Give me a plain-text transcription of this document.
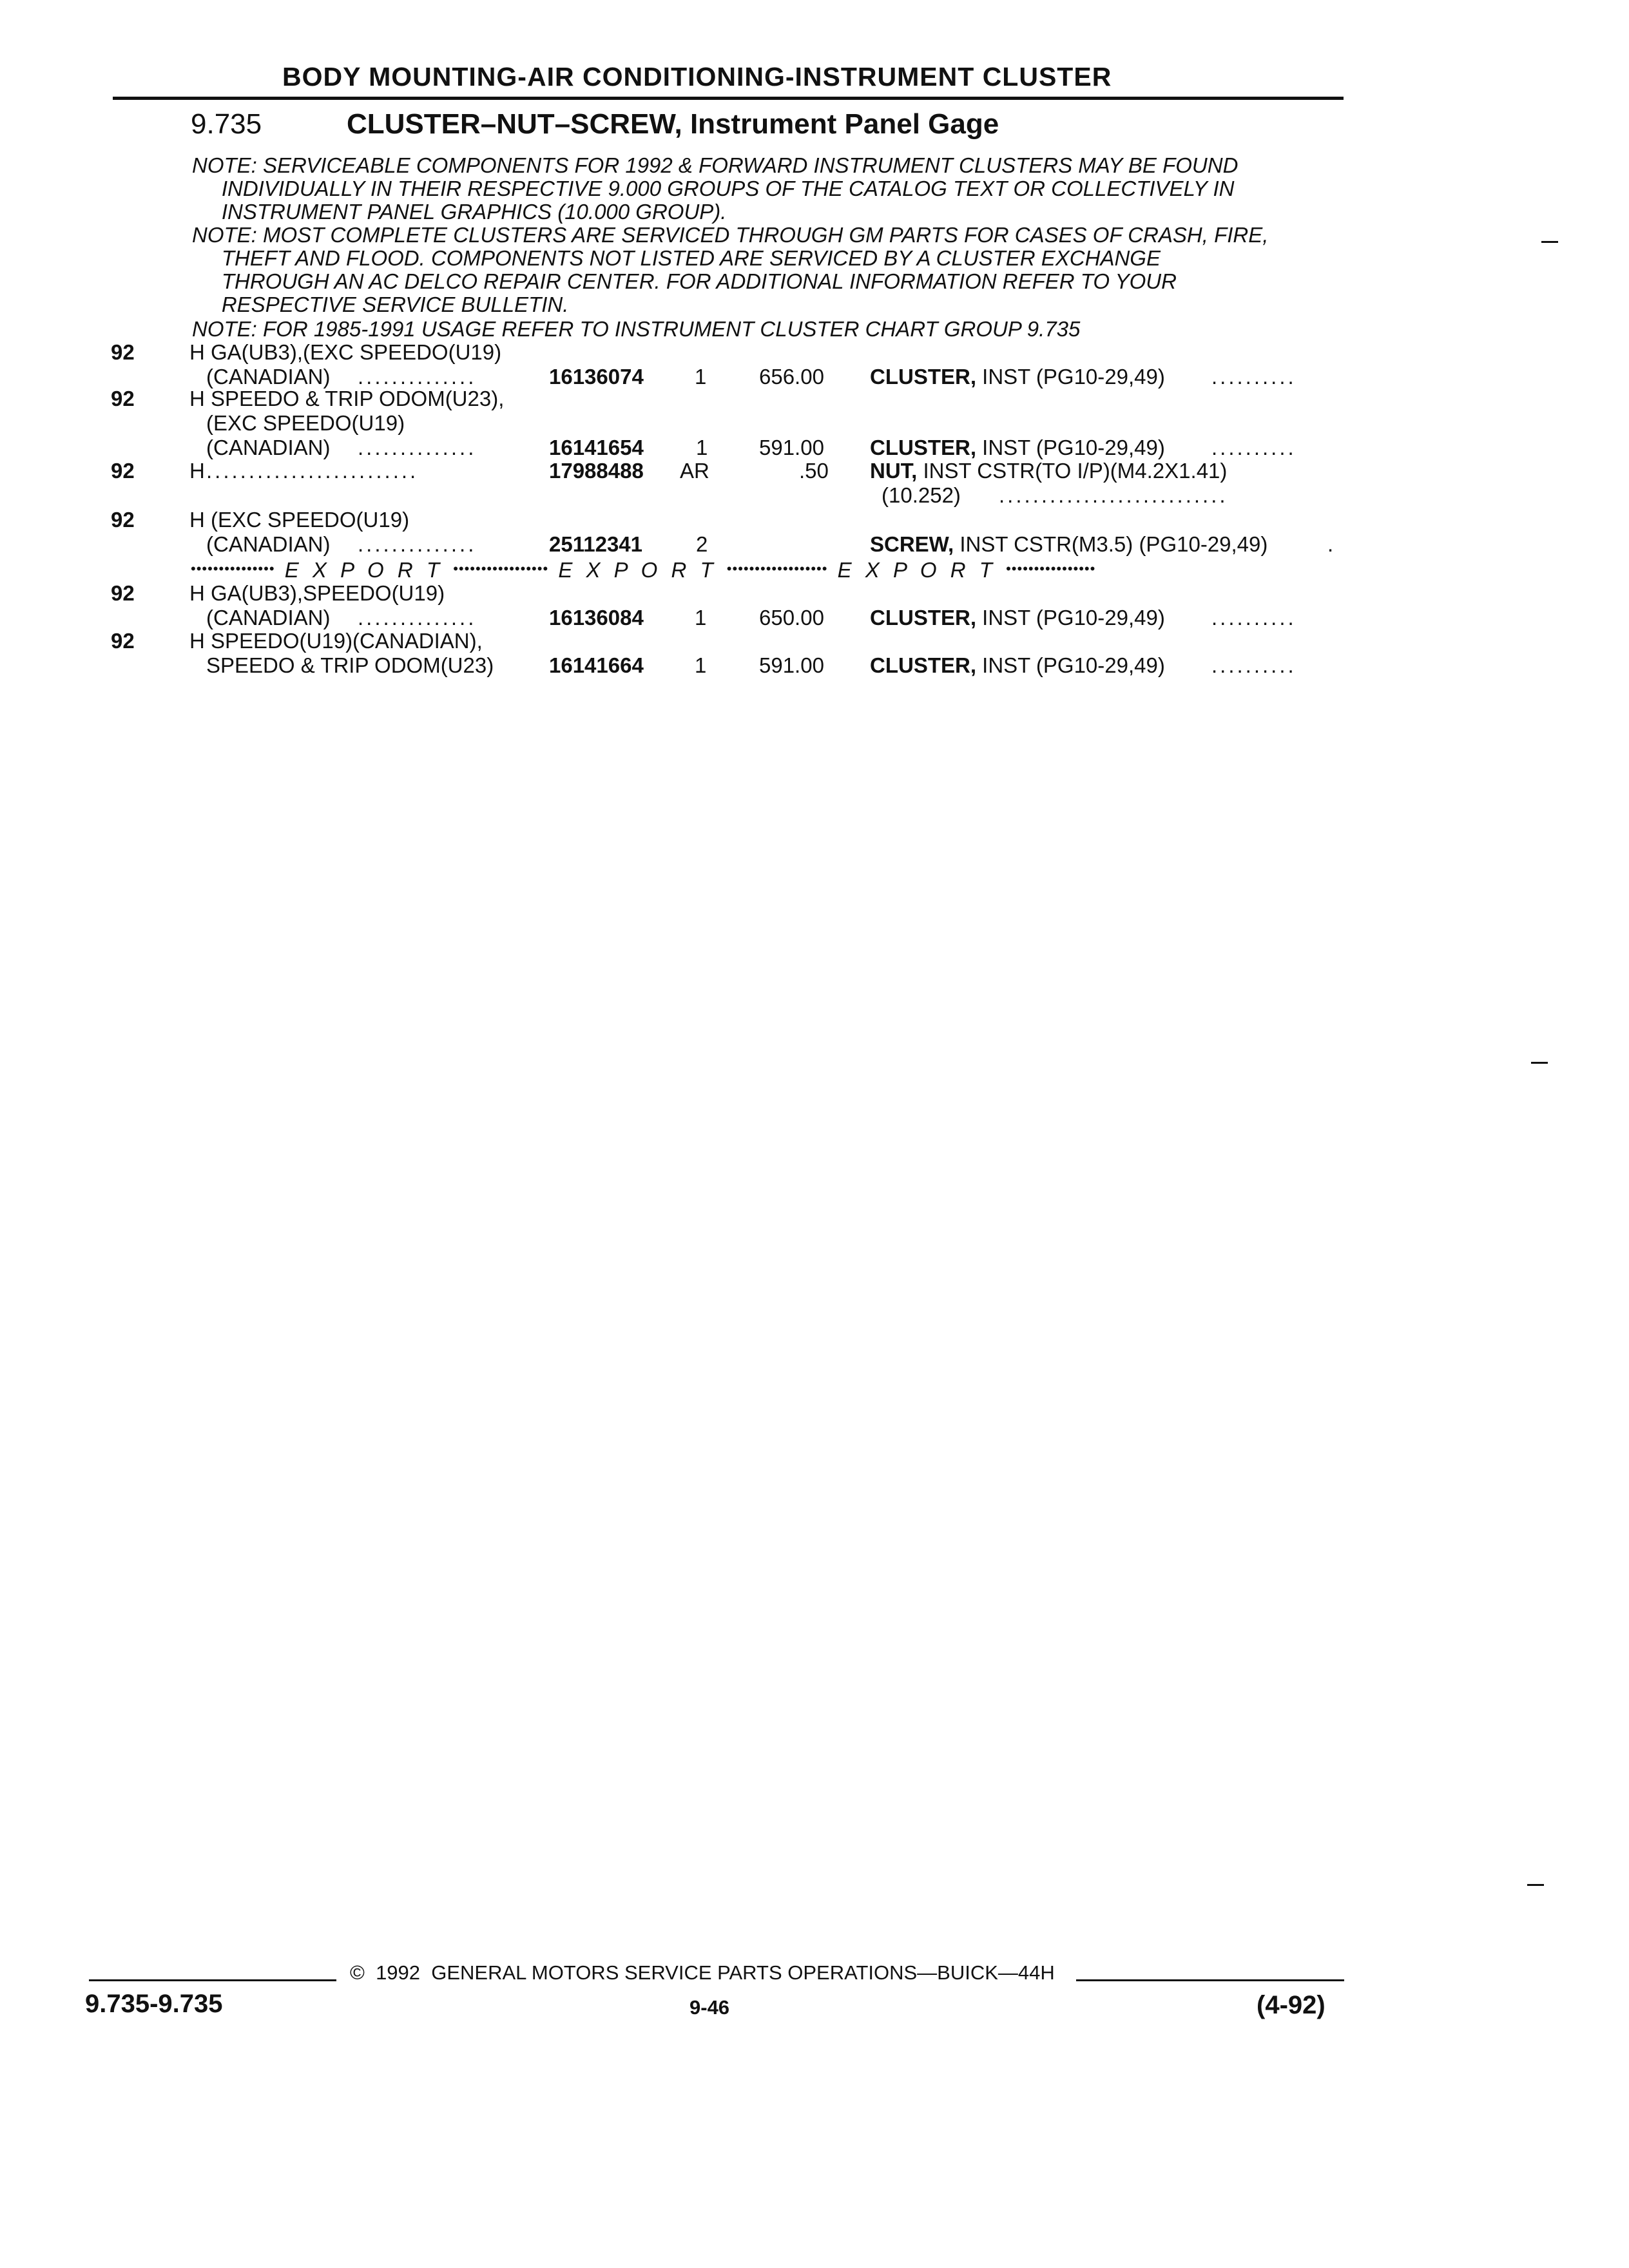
BODY MOUNTING-AIR CONDITIONING-INSTRUMENT CLUSTER
9.735	CLUSTER–NUT–SCREW, Instrument Panel Gage
NOTE: SERVICEABLE COMPONENTS FOR 1992 & FORWARD INSTRUMENT CLUSTERS MAY BE FOUND
INDIVIDUALLY IN THEIR RESPECTIVE 9.000 GROUPS OF THE CATALOG TEXT OR COLLECTIVELY IN
INSTRUMENT PANEL GRAPHICS (10.000 GROUP).
NOTE: MOST COMPLETE CLUSTERS ARE SERVICED THROUGH GM PARTS FOR CASES OF CRASH, FIRE,
THEFT AND FLOOD. COMPONENTS NOT LISTED ARE SERVICED BY A CLUSTER EXCHANGE
THROUGH AN AC DELCO REPAIR CENTER. FOR ADDITIONAL INFORMATION REFER TO YOUR
RESPECTIVE SERVICE BULLETIN.
NOTE: FOR 1985-1991 USAGE REFER TO INSTRUMENT CLUSTER CHART GROUP 9.735
92	H GA(UB3),(EXC SPEEDO(U19)
(CANADIAN) ..............	16136074 1 656.00 CLUSTER, INST (PG10-29,49) ..........
92	H SPEEDO & TRIP ODOM(U23),
(EXC SPEEDO(U19)
(CANADIAN) ..............	16141654 1 591.00 CLUSTER, INST (PG10-29,49) ..........
92	H .........................	17988488 AR	.50 NUT, INST CSTR(TO I/P)(M4.2X1.41)
(10.252) ...........................
92	H (EXC SPEEDO(U19)
(CANADIAN) ..............	25112341	2	SCREW, INST CSTR(M3.5) (PG10-29,49)	.
••••••••••••••• E X P O R T ••••••••••••••••• E X P O R T •••••••••••••••••• E X P O R T ••••••••••••••••
92	H GA(UB3),SPEEDO(U19)
(CANADIAN) ..............	16136084 1 650.00 CLUSTER, INST (PG10-29,49) ..........
92	H SPEEDO(U19)(CANADIAN),
SPEEDO & TRIP ODOM(U23)	16141664 1 591.00 CLUSTER, INST (PG10-29,49) ..........
©  1992  GENERAL MOTORS SERVICE PARTS OPERATIONS—BUICK—44H
9.735-9.735	9-46	(4-92)
